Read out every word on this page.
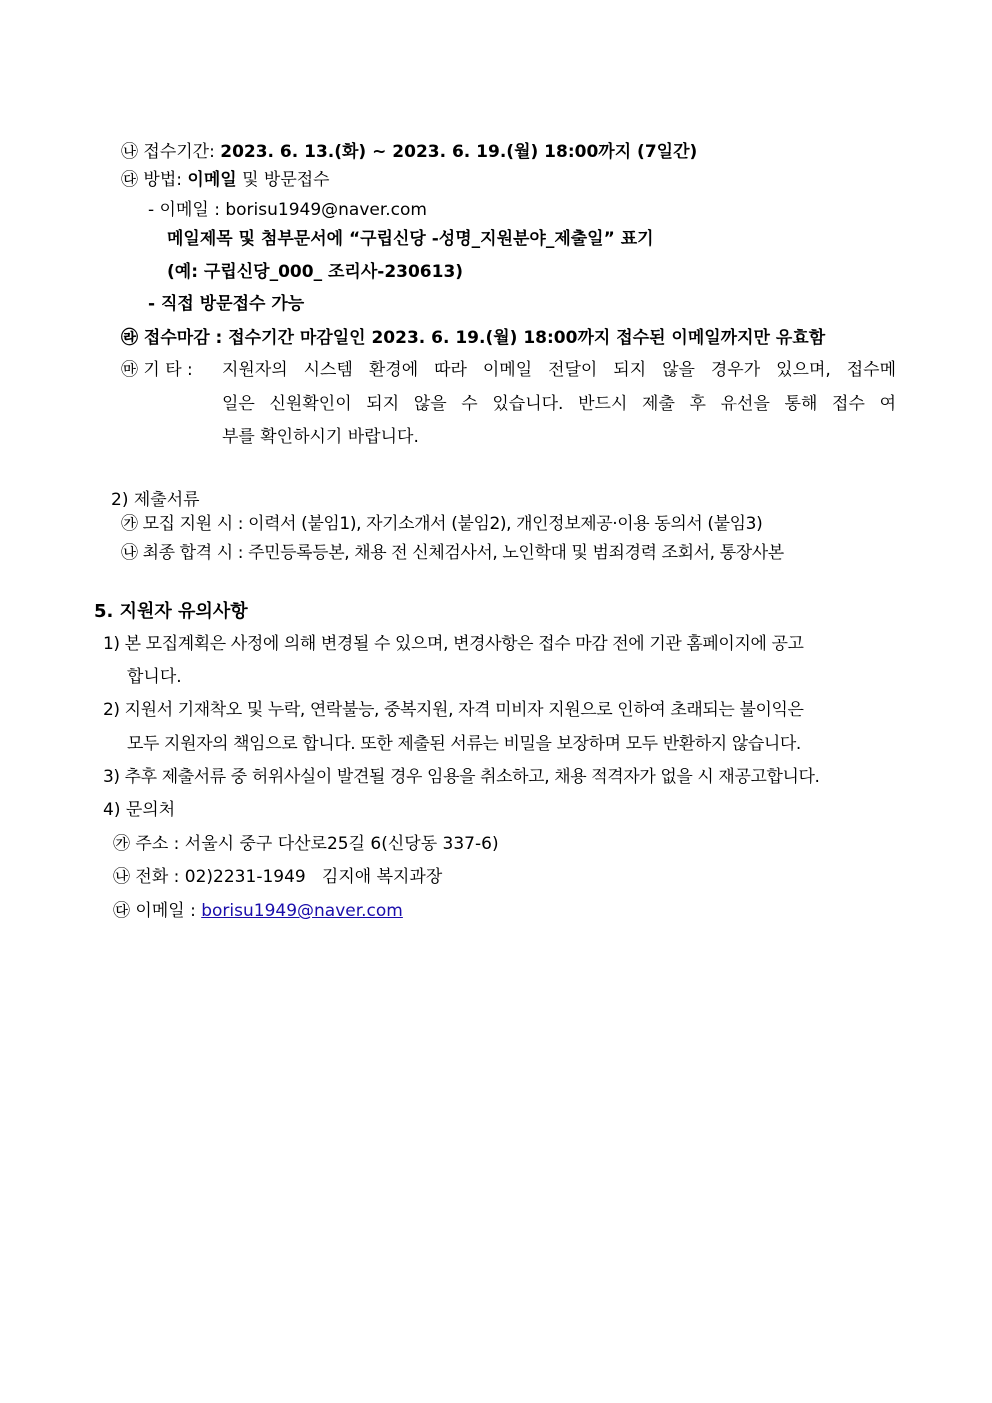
㉯ 접수기간: 2023. 6. 13.(화) ~ 2023. 6. 19.(월) 18:00까지 (7일간)
㉰ 방법: 이메일 및 방문접수
- 이메일 : borisu1949@naver.com
메일제목 및 첨부문서에 “구립신당 -성명_지원분야_제출일” 표기
(예: 구립신당_000_ 조리사-230613)
- 직접 방문접수 가능
㉱ 접수마감 : 접수기간 마감일인 2023. 6. 19.(월) 18:00까지 접수된 이메일까지만 유효함
㉲ 기 타 : 지원자의 시스템 환경에 따라 이메일 전달이 되지 않을 경우가 있으며, 접수메
일은 신원확인이 되지 않을 수 있습니다. 반드시 제출 후 유선을 통해 접수 여
부를 확인하시기 바랍니다.
2) 제출서류
㉮ 모집 지원 시 : 이력서 (붙임1), 자기소개서 (붙임2), 개인정보제공·이용 동의서 (붙임3)
㉯ 최종 합격 시 : 주민등록등본, 채용 전 신체검사서, 노인학대 및 범죄경력 조회서, 통장사본
5. 지원자 유의사항
1) 본 모집계획은 사정에 의해 변경될 수 있으며, 변경사항은 접수 마감 전에 기관 홈페이지에 공고
합니다.
2) 지원서 기재착오 및 누락, 연락불능, 중복지원, 자격 미비자 지원으로 인하여 초래되는 불이익은
모두 지원자의 책임으로 합니다. 또한 제출된 서류는 비밀을 보장하며 모두 반환하지 않습니다.
3) 추후 제출서류 중 허위사실이 발견될 경우 임용을 취소하고, 채용 적격자가 없을 시 재공고합니다.
4) 문의처
㉮ 주소 : 서울시 중구 다산로25길 6(신당동 337-6)
㉯ 전화 : 02)2231-1949   김지애 복지과장
㉰ 이메일 : borisu1949@naver.com
